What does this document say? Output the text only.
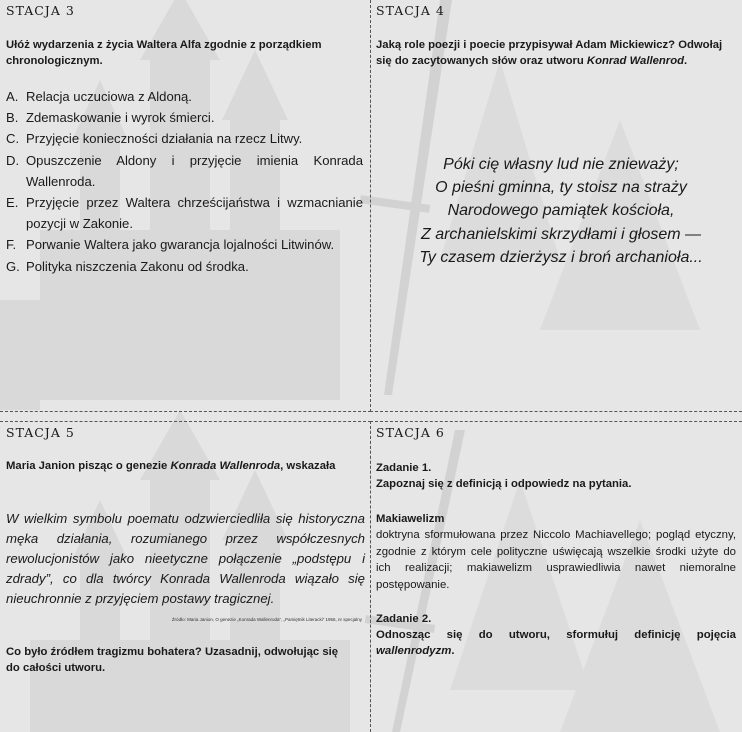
STACJA 3
Ułóż wydarzenia z życia Waltera Alfa zgodnie z porządkiem chronologicznym.
A. Relacja uczuciowa z Aldoną.
B. Zdemaskowanie i wyrok śmierci.
C. Przyjęcie konieczności działania na rzecz Litwy.
D. Opuszczenie Aldony i przyjęcie imienia Konrada Wallenroda.
E. Przyjęcie przez Waltera chrześcijaństwa i wzmacnianie pozycji w Zakonie.
F. Porwanie Waltera jako gwarancja lojalności Litwinów.
G. Polityka niszczenia Zakonu od środka.
STACJA 4
Jaką role poezji i poecie przypisywał Adam Mickiewicz? Odwołaj się do zacytowanych słów oraz utworu Konrad Wallenrod.
Póki cię własny lud nie znieważy;
O pieśni gminna, ty stoisz na straży
Narodowego pamiątek kościoła,
Z archanielskimi skrzydłami i głosem —
Ty czasem dzierżysz i broń archanioła...
STACJA 5
Maria Janion pisząc o genezie Konrada Wallenroda, wskazała
W wielkim symbolu poematu odzwierciedliła się historyczna męka działania, rozumianego przez współczesnych rewolucjonistów jako nieetyczne połączenie „podstępu i zdrady”, co dla twórcy Konrada Wallenroda wiązało się nieuchronnie z przyjęciem postawy tragicznej.
Źródło: Maria Janion, O genezie „Konrada Wallenroda”, „Pamiętnik Literacki” 1956, nr specjalny
Co było źródłem tragizmu bohatera? Uzasadnij, odwołując się do całości utworu.
STACJA 6
Zadanie 1.
Zapoznaj się z definicją i odpowiedz na pytania.
Makiawelizm
doktryna sformułowana przez Niccolo Machiavellego; pogląd etyczny, zgodnie z którym cele polityczne uświęcają wszelkie środki użyte do ich realizacji; makiawelizm usprawiedliwia nawet niemoralne postępowanie.
Zadanie 2.
Odnosząc się do utworu, sformułuj definicję pojęcia wallenrodyzm.
